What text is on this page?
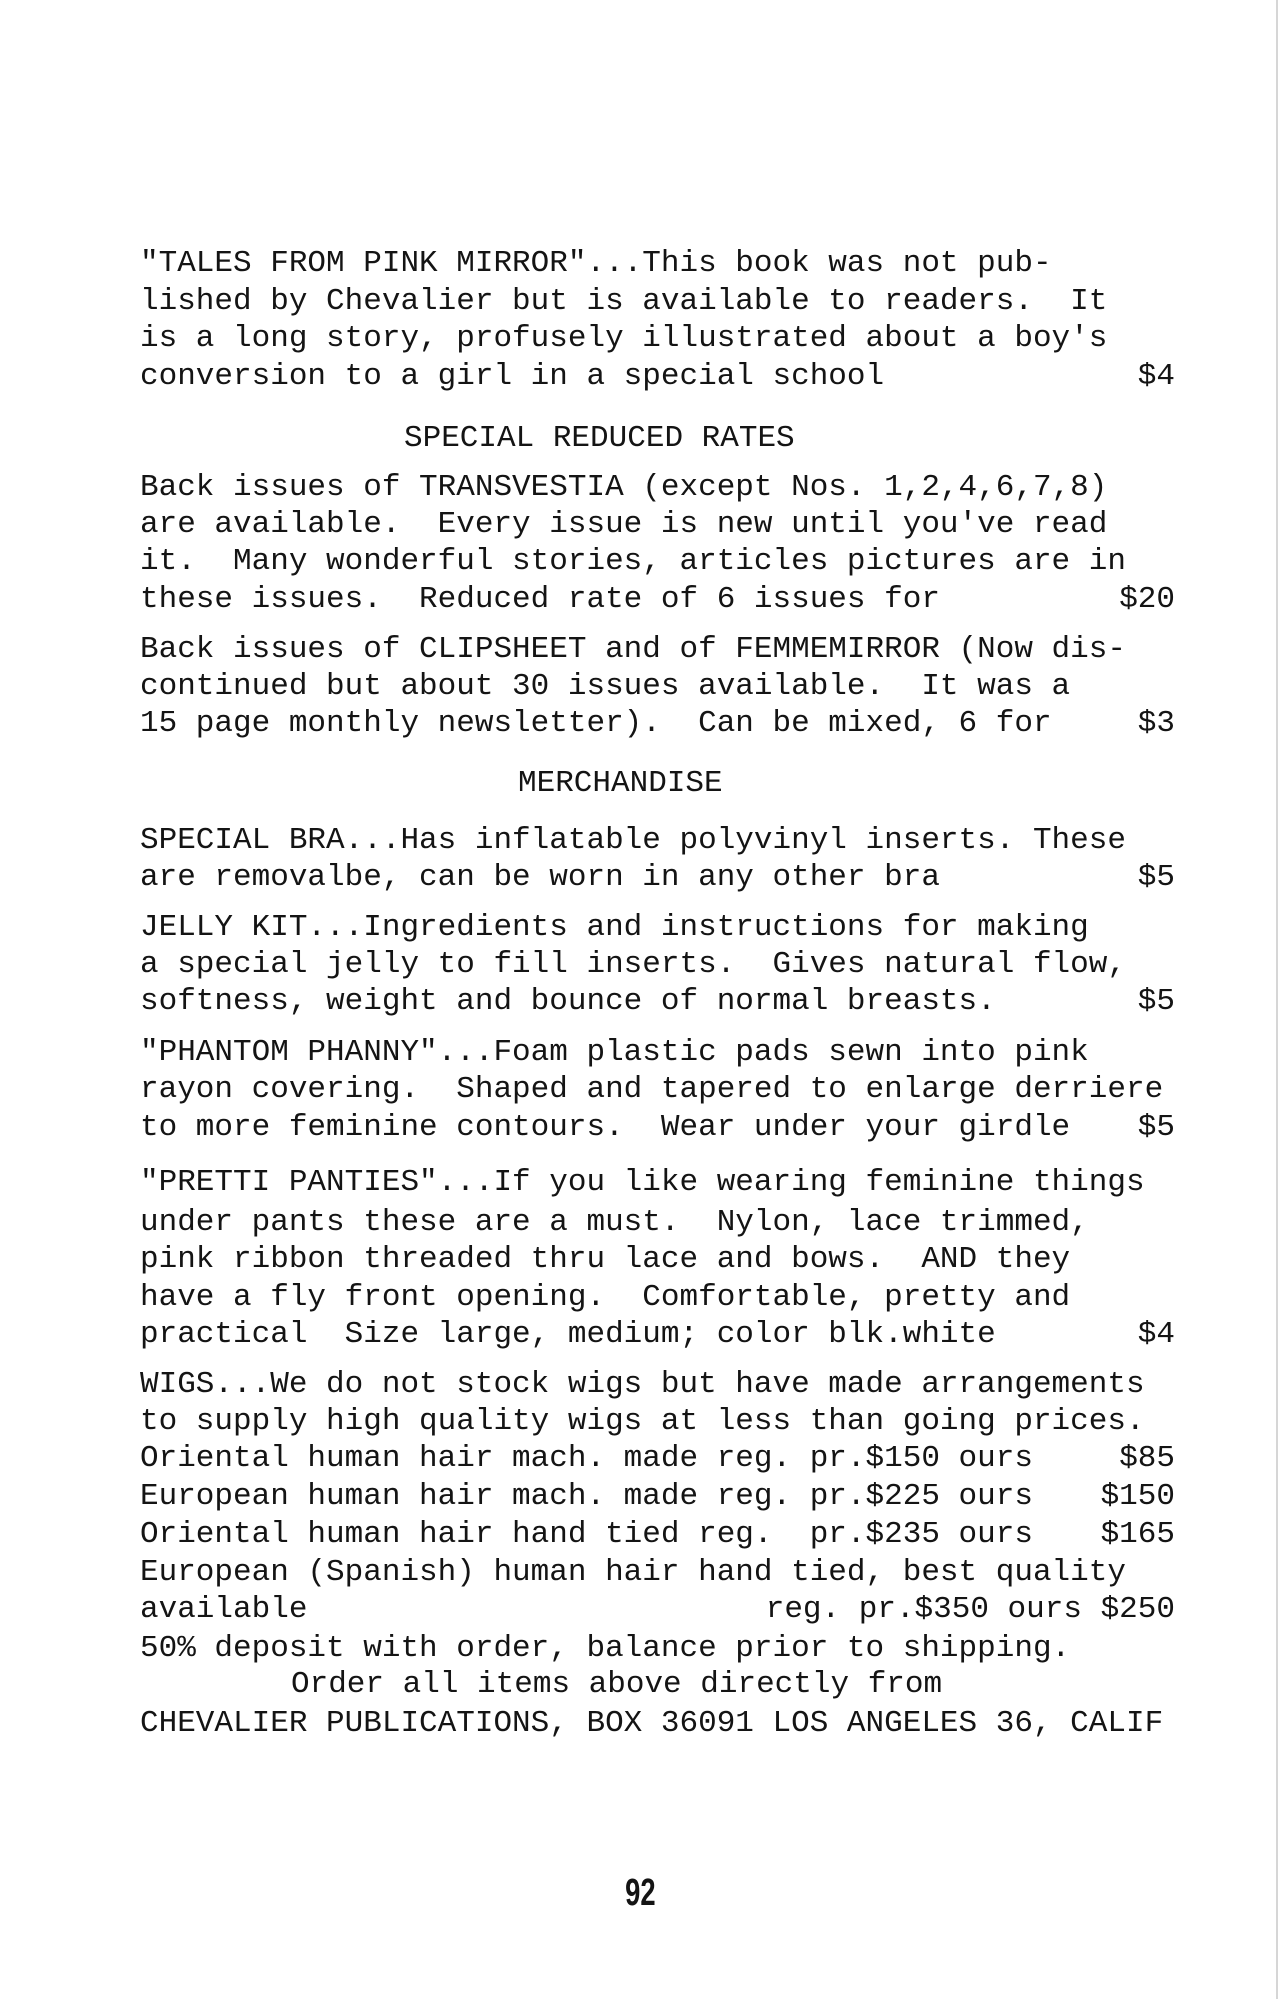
"TALES FROM PINK MIRROR"...This book was not pub-
lished by Chevalier but is available to readers.  It
is a long story, profusely illustrated about a boy's
conversion to a girl in a special school	$4
SPECIAL REDUCED RATES
Back issues of TRANSVESTIA (except Nos. 1,2,4,6,7,8)
are available.  Every issue is new until you've read
it.  Many wonderful stories, articles pictures are in
these issues.  Reduced rate of 6 issues for	$20
Back issues of CLIPSHEET and of FEMMEMIRROR (Now dis-
continued but about 30 issues available.  It was a
15 page monthly newsletter).  Can be mixed, 6 for	$3
MERCHANDISE
SPECIAL BRA...Has inflatable polyvinyl inserts. These
are removalbe, can be worn in any other bra	$5
JELLY KIT...Ingredients and instructions for making
a special jelly to fill inserts.  Gives natural flow,
softness, weight and bounce of normal breasts.	$5
"PHANTOM PHANNY"...Foam plastic pads sewn into pink
rayon covering.  Shaped and tapered to enlarge derriere
to more feminine contours.  Wear under your girdle $5
"PRETTI PANTIES"...If you like wearing feminine things
under pants these are a must.  Nylon, lace trimmed,
pink ribbon threaded thru lace and bows.  AND they
have a fly front opening.  Comfortable, pretty and
practical  Size large, medium; color blk.white	$4
WIGS...We do not stock wigs but have made arrangements
to supply high quality wigs at less than going prices.
Oriental human hair mach. made reg. pr.$150 ours	$85
European human hair mach. made reg. pr.$225 ours $150
Oriental human hair hand tied reg.  pr.$235 ours $165
European (Spanish) human hair hand tied, best quality
available	reg. pr.$350 ours $250
50% deposit with order, balance prior to shipping.
Order all items above directly from
CHEVALIER PUBLICATIONS, BOX 36091 LOS ANGELES 36, CALIF
92
